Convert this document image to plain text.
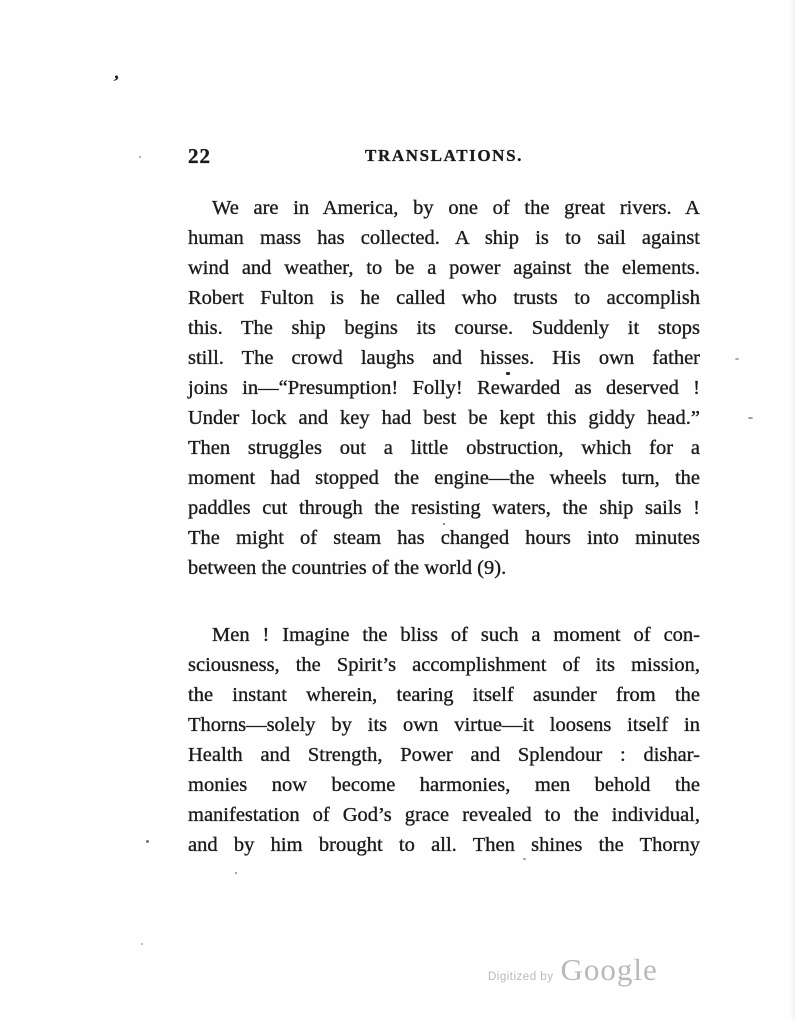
’
22	TRANSLATIONS.
We are in America, by one of the great rivers. A
human mass has collected. A ship is to sail against
wind and weather, to be a power against the elements.
Robert Fulton is he called who trusts to accomplish
this. The ship begins its course. Suddenly it stops
still. The crowd laughs and hisses. His own father
joins in—“Presumption! Folly! Rewarded as deserved !
Under lock and key had best be kept this giddy head.”
Then struggles out a little obstruction, which for a
moment had stopped the engine—the wheels turn, the
paddles cut through the resisting waters, the ship sails !
The might of steam has changed hours into minutes
between the countries of the world (9).
Men ! Imagine the bliss of such a moment of con-
sciousness, the Spirit’s accomplishment of its mission,
the instant wherein, tearing itself asunder from the
Thorns—solely by its own virtue—it loosens itself in
Health and Strength, Power and Splendour : dishar-
monies now become harmonies, men behold the
manifestation of God’s grace revealed to the individual,
and by him brought to all. Then shines the Thorny
Digitized by Google
